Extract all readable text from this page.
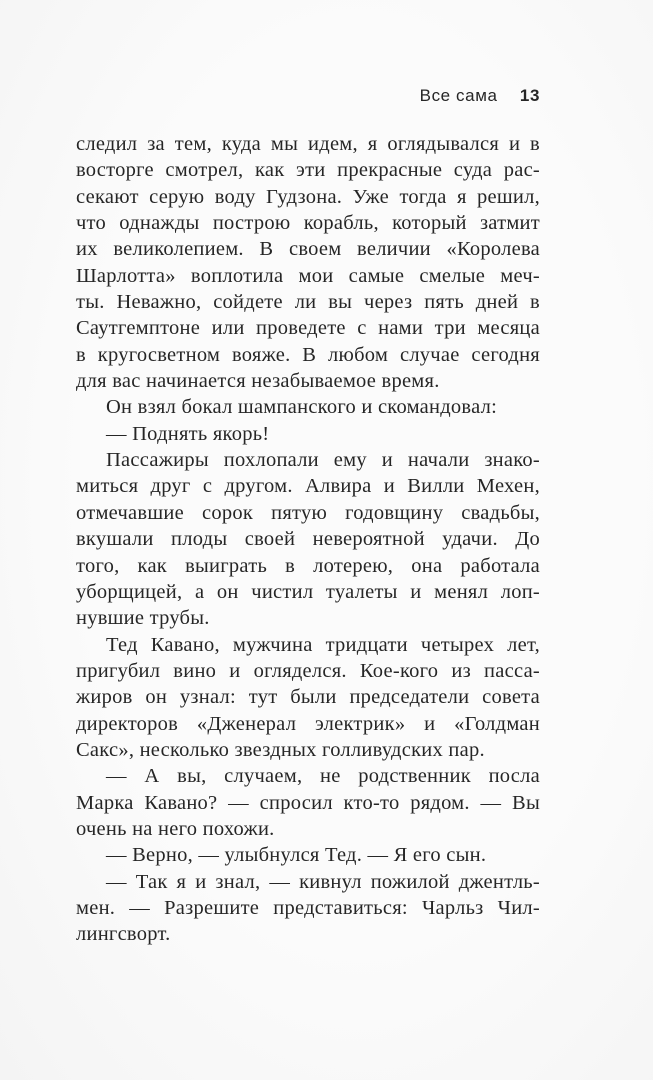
Все сама 13
следил за тем, куда мы идем, я оглядывался и в
восторге смотрел, как эти прекрасные суда рас-
секают серую воду Гудзона. Уже тогда я решил,
что однажды построю корабль, который затмит
их великолепием. В своем величии «Королева
Шарлотта» воплотила мои самые смелые меч-
ты. Неважно, сойдете ли вы через пять дней в
Саутгемптоне или проведете с нами три месяца
в кругосветном вояже. В любом случае сегодня
для вас начинается незабываемое время.
Он взял бокал шампанского и скомандовал:
— Поднять якорь!
Пассажиры похлопали ему и начали знако-
миться друг с другом. Алвира и Вилли Мехен,
отмечавшие сорок пятую годовщину свадьбы,
вкушали плоды своей невероятной удачи. До
того, как выиграть в лотерею, она работала
уборщицей, а он чистил туалеты и менял лоп-
нувшие трубы.
Тед Кавано, мужчина тридцати четырех лет,
пригубил вино и огляделся. Кое-кого из пасса-
жиров он узнал: тут были председатели совета
директоров «Дженерал электрик» и «Голдман
Сакс», несколько звездных голливудских пар.
— А вы, случаем, не родственник посла
Марка Кавано? — спросил кто-то рядом. — Вы
очень на него похожи.
— Верно, — улыбнулся Тед. — Я его сын.
— Так я и знал, — кивнул пожилой джентль-
мен. — Разрешите представиться: Чарльз Чил-
лингсворт.
